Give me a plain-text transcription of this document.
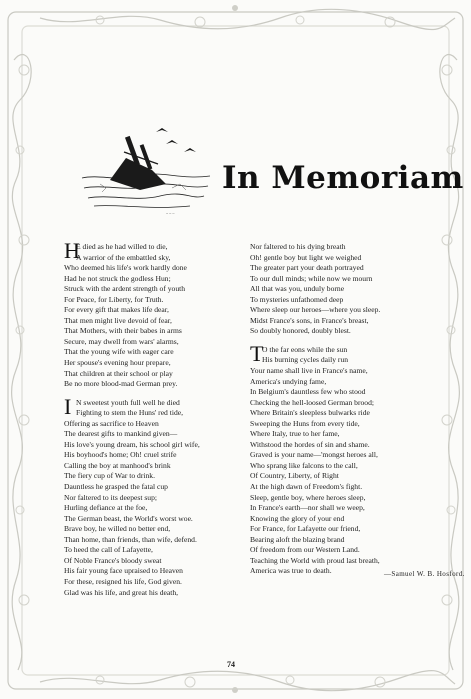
~ ~ ~
In Memoriam
H
E died as he had willed to die,
A warrior of the embattled sky,
Who deemed his life's work hardly done
Had he not struck the godless Hun;
Struck with the ardent strength of youth
For Peace, for Liberty, for Truth.
For every gift that makes life dear,
That men might live devoid of fear,
That Mothers, with their babes in arms
Secure, may dwell from wars' alarms,
That the young wife with eager care
Her spouse's evening hour prepare,
That children at their school or play
Be no more blood-mad German prey.
I N sweetest youth full well he died
Fighting to stem the Huns' red tide,
Offering as sacrifice to Heaven
The dearest gifts to mankind given—
His love's young dream, his school girl wife,
His boyhood's home; Oh! cruel strife
Calling the boy at manhood's brink
The fiery cup of War to drink.
Dauntless he grasped the fatal cup
Nor faltered to its deepest sup;
Hurling defiance at the foe,
The German beast, the World's worst woe.
Brave boy, he willed no better end,
Than home, than friends, than wife, defend.
To heed the call of Lafayette,
Of Noble France's bloody sweat
His fair young face upraised to Heaven
For these, resigned his life, God given.
Glad was his life, and great his death,
Nor faltered to his dying breath
Oh! gentle boy but light we weighed
The greater part your death portrayed
To our dull minds; while now we mourn
All that was you, unduly borne
To mysteries unfathomed deep
Where sleep our heroes—where you sleep.
Midst France's sons, in France's breast,
So doubly honored, doubly blest.
T
O the far eons while the sun
His burning cycles daily run
Your name shall live in France's name,
America's undying fame,
In Belgium's dauntless few who stood
Checking the hell-loosed German brood;
Where Britain's sleepless bulwarks ride
Sweeping the Huns from every tide,
Where Italy, true to her fame,
Withstood the hordes of sin and shame.
Graved is your name—'mongst heroes all,
Who sprang like falcons to the call,
Of Country, Liberty, of Right
At the high dawn of Freedom's fight.
Sleep, gentle boy, where heroes sleep,
In France's earth—nor shall we weep,
Knowing the glory of your end
For France, for Lafayette our friend,
Bearing aloft the blazing brand
Of freedom from our Western Land.
Teaching the World with proud last breath,
America was true to death.	—Samuel W. B. Hosford.
74
